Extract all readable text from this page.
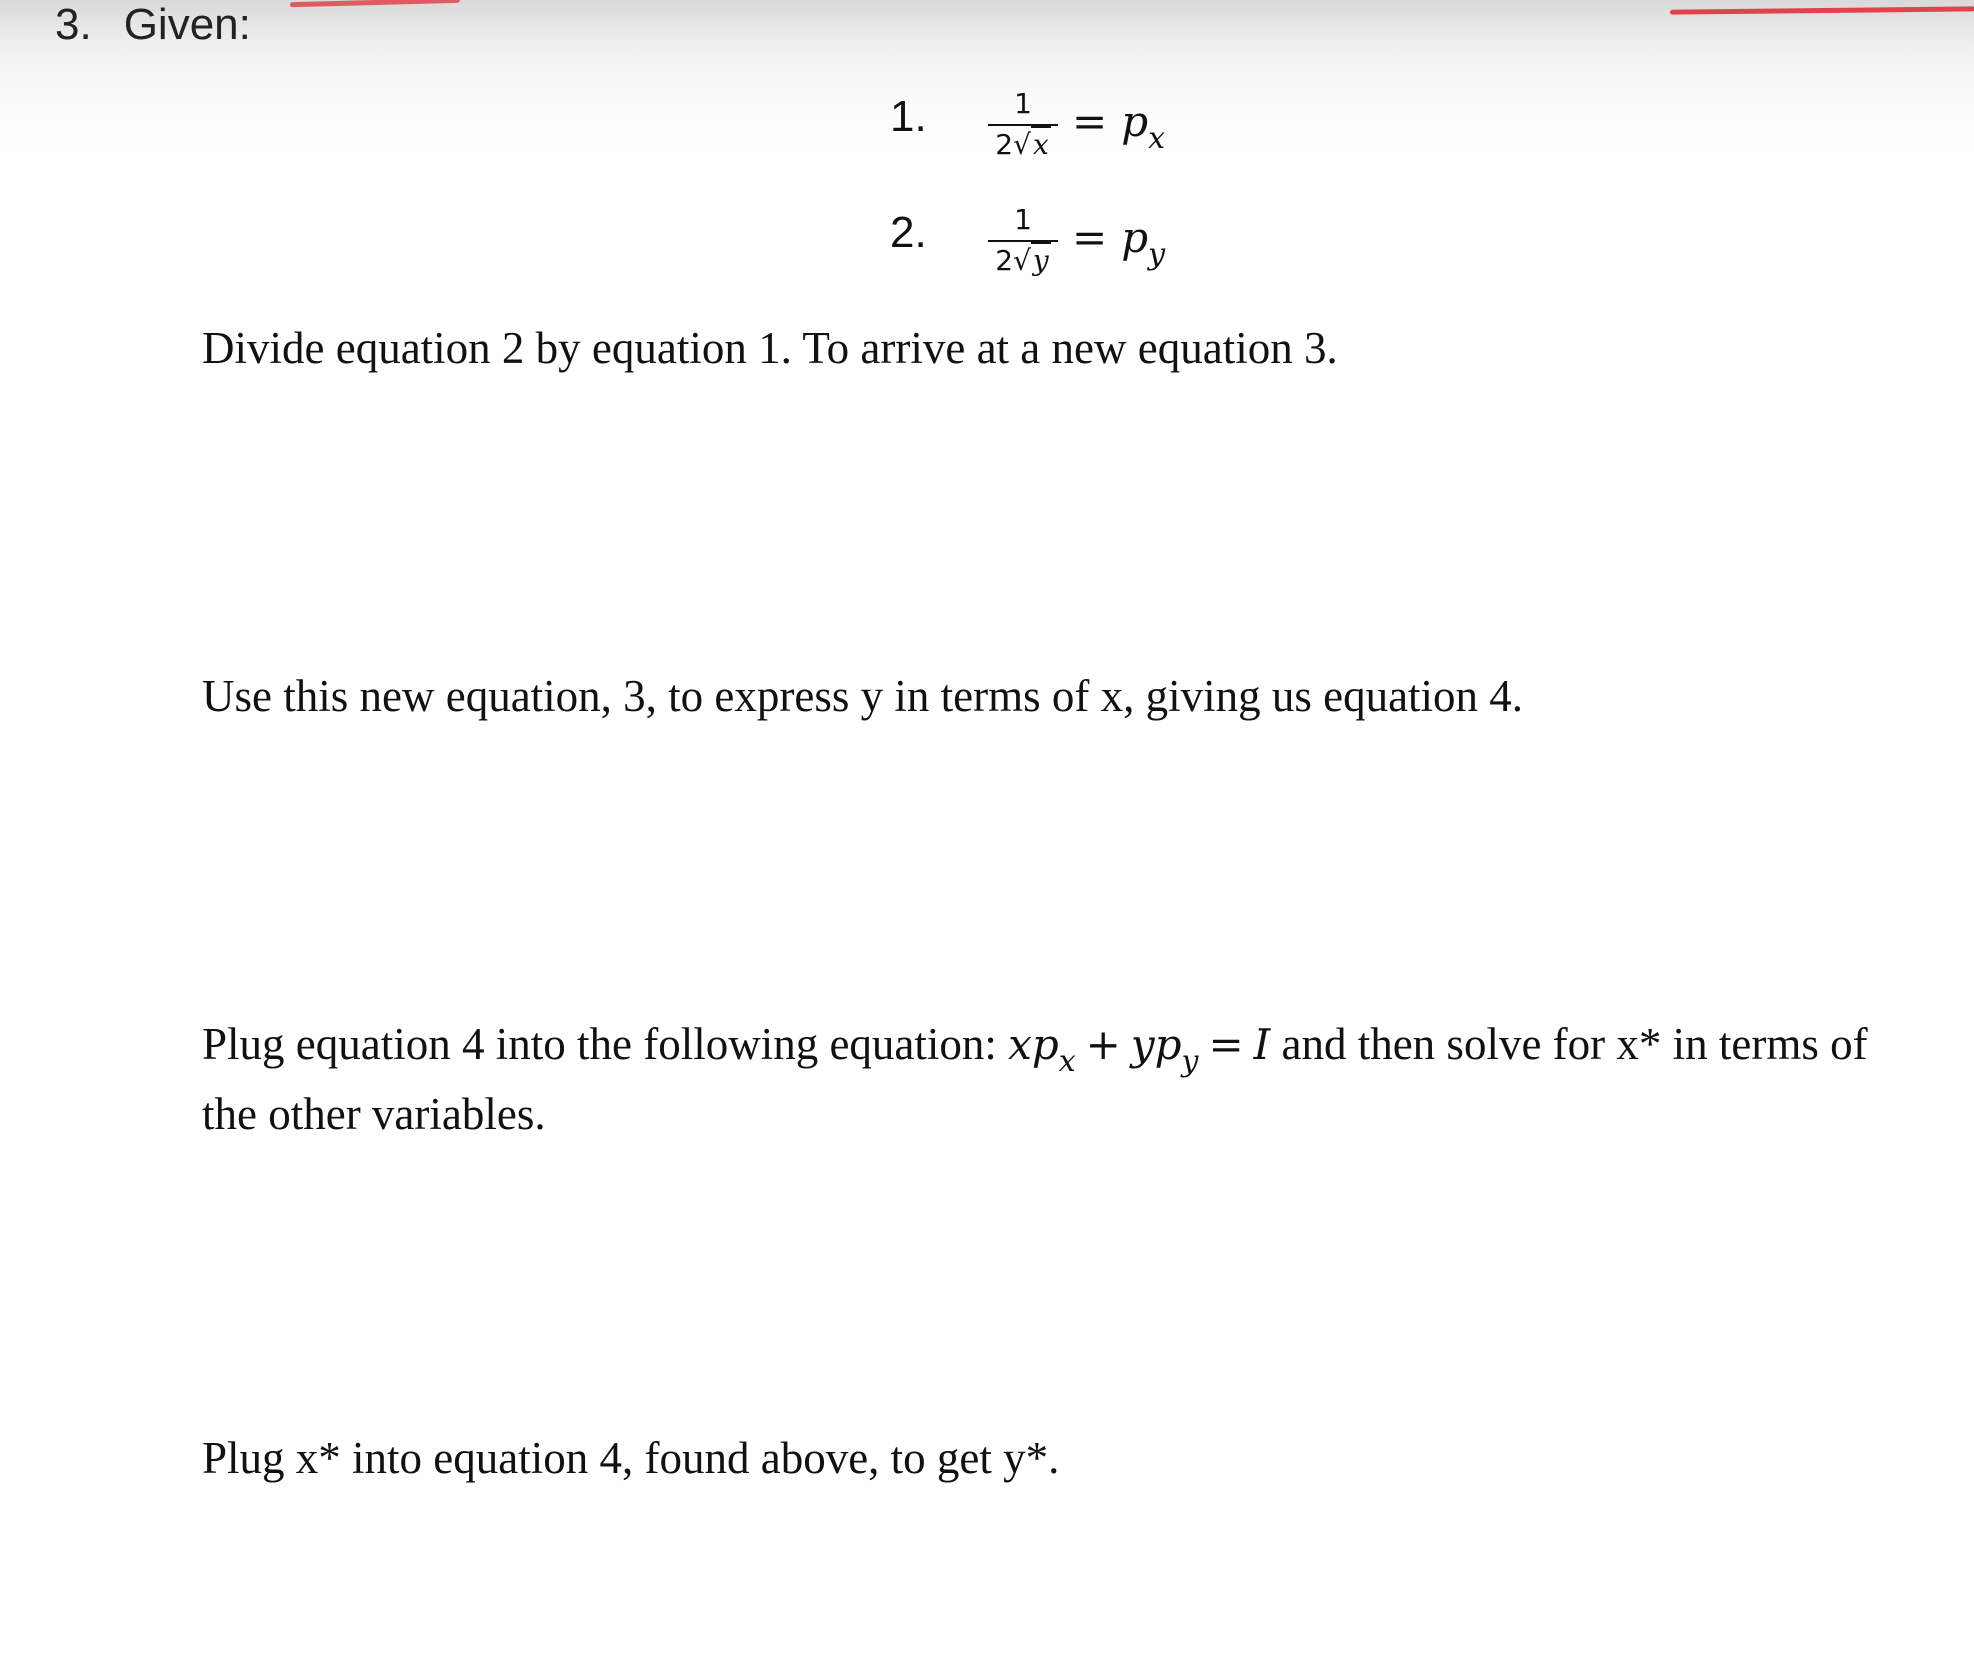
3. Given:
1.	$\frac{1}{2√x} = p_x$
2.	$\frac{1}{2√y} = p_y$
Divide equation 2 by equation 1. To arrive at a new equation 3.
Use this new equation, 3, to express y in terms of x, giving us equation 4.
Plug equation 4 into the following equation: $xp_x + yp_y = I$ and then solve for x* in terms of the other variables.
Plug x* into equation 4, found above, to get y*.
